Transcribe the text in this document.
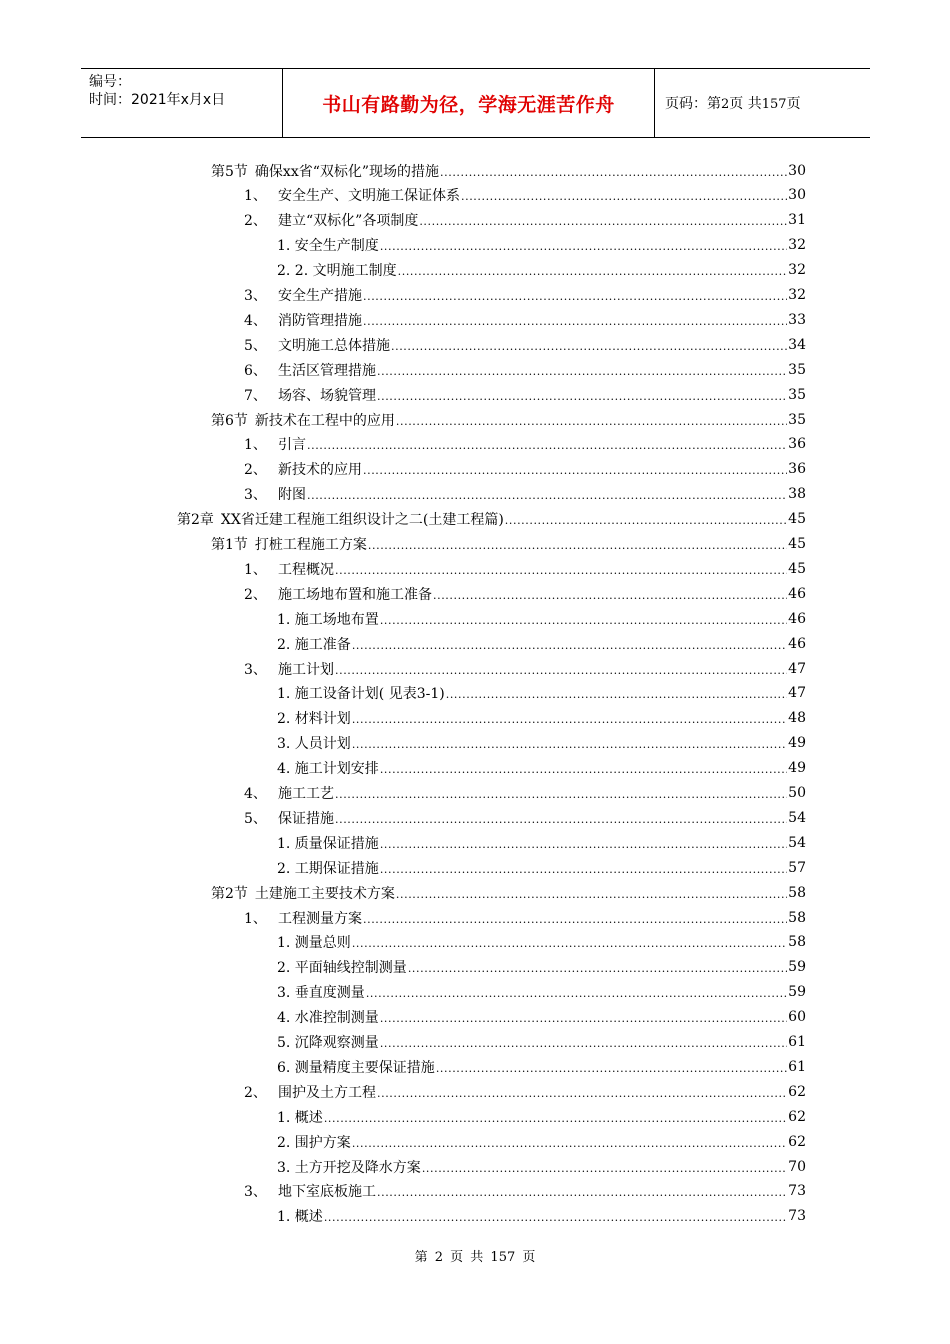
编号：
时间：2021年x月x日	书山有路勤为径，学海无涯苦作舟	页码：第2页 共157页
第5节 确保xx省“双标化”现场的措施 .....	30
1、 安全生产、文明施工保证体系 .....	30
2、 建立“双标化”各项制度 .....	31
1. 安全生产制度 .....	32
2. 2. 文明施工制度 .....	32
3、 安全生产措施 .....	32
4、 消防管理措施 .....	33
5、 文明施工总体措施 .....	34
6、 生活区管理措施 .....	35
7、 场容、场貌管理 .....	35
第6节 新技术在工程中的应用 .....	35
1、 引言 .....	36
2、 新技术的应用 .....	36
3、 附图 .....	38
第2章 XX省迁建工程施工组织设计之二(土建工程篇) .....	45
第1节 打桩工程施工方案 .....	45
1、 工程概况 .....	45
2、 施工场地布置和施工准备 .....	46
1. 施工场地布置 .....	46
2. 施工准备 .....	46
3、 施工计划 .....	47
1. 施工设备计划( 见表3-1) .....	47
2. 材料计划 .....	48
3. 人员计划 .....	49
4. 施工计划安排 .....	49
4、 施工工艺 .....	50
5、 保证措施 .....	54
1. 质量保证措施 .....	54
2. 工期保证措施 .....	57
第2节 土建施工主要技术方案 .....	58
1、 工程测量方案 .....	58
1. 测量总则 .....	58
2. 平面轴线控制测量 .....	59
3. 垂直度测量 .....	59
4. 水准控制测量 .....	60
5. 沉降观察测量 .....	61
6. 测量精度主要保证措施 .....	61
2、 围护及土方工程 .....	62
1. 概述 .....	62
2. 围护方案 .....	62
3. 土方开挖及降水方案 .....	70
3、 地下室底板施工 .....	73
1. 概述 .....	73
第 2 页 共 157 页
